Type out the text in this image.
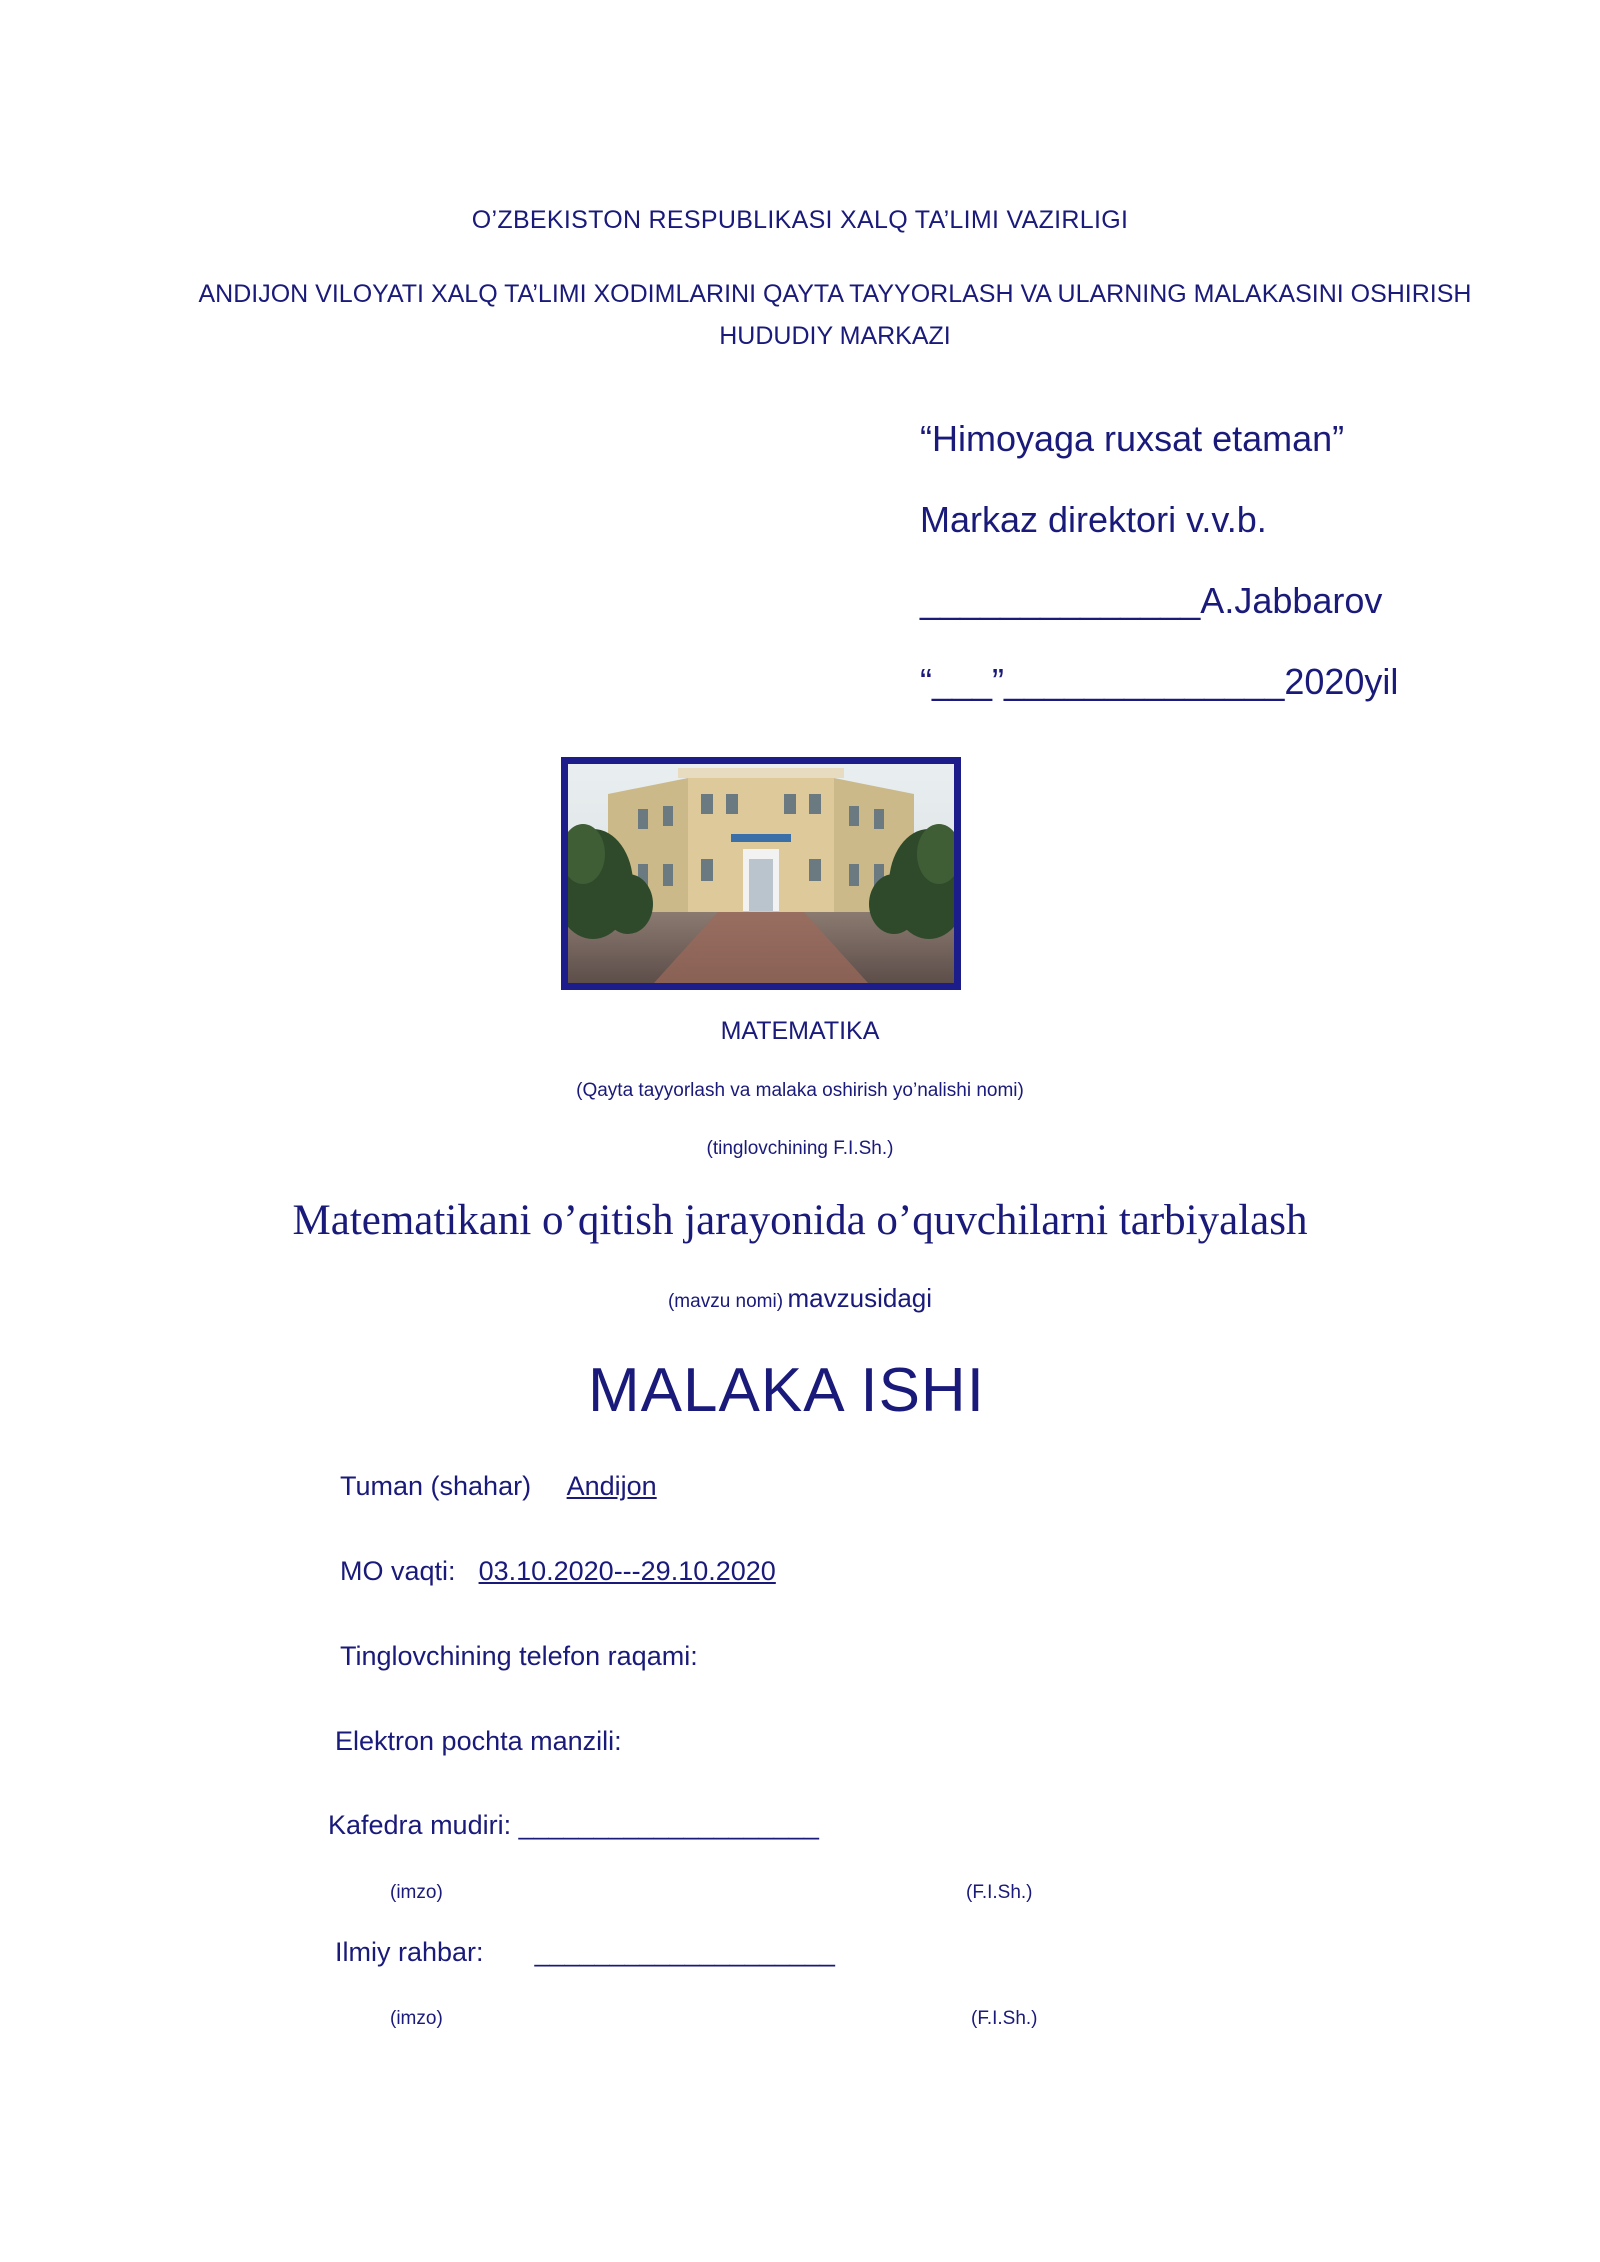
O’ZBEKISTON RESPUBLIKASI XALQ TA’LIMI VAZIRLIGI
ANDIJON VILOYATI XALQ TA’LIMI XODIMLARINI QAYTA TAYYORLASH VA ULARNING MALAKASINI OSHIRISH
HUDUDIY MARKAZI
“Himoyaga ruxsat etaman”
Markaz direktori v.v.b.
______________A.Jabbarov
“___”______________2020yil
MATEMATIKA
(Qayta tayyorlash va malaka oshirish yo’nalishi nomi)
(tinglovchining F.I.Sh.)
Matematikani o’qitish jarayonida o’quvchilarni tarbiyalash
(mavzu nomi) mavzusidagi
MALAKA ISHI
Tuman (shahar) Andijon
MO vaqti: 03.10.2020---29.10.2020
Tinglovchining telefon raqami:
Elektron pochta manzili:
Kafedra mudiri: ____________________
(imzo)	(F.I.Sh.)
Ilmiy rahbar: ____________________
(imzo)	(F.I.Sh.)
